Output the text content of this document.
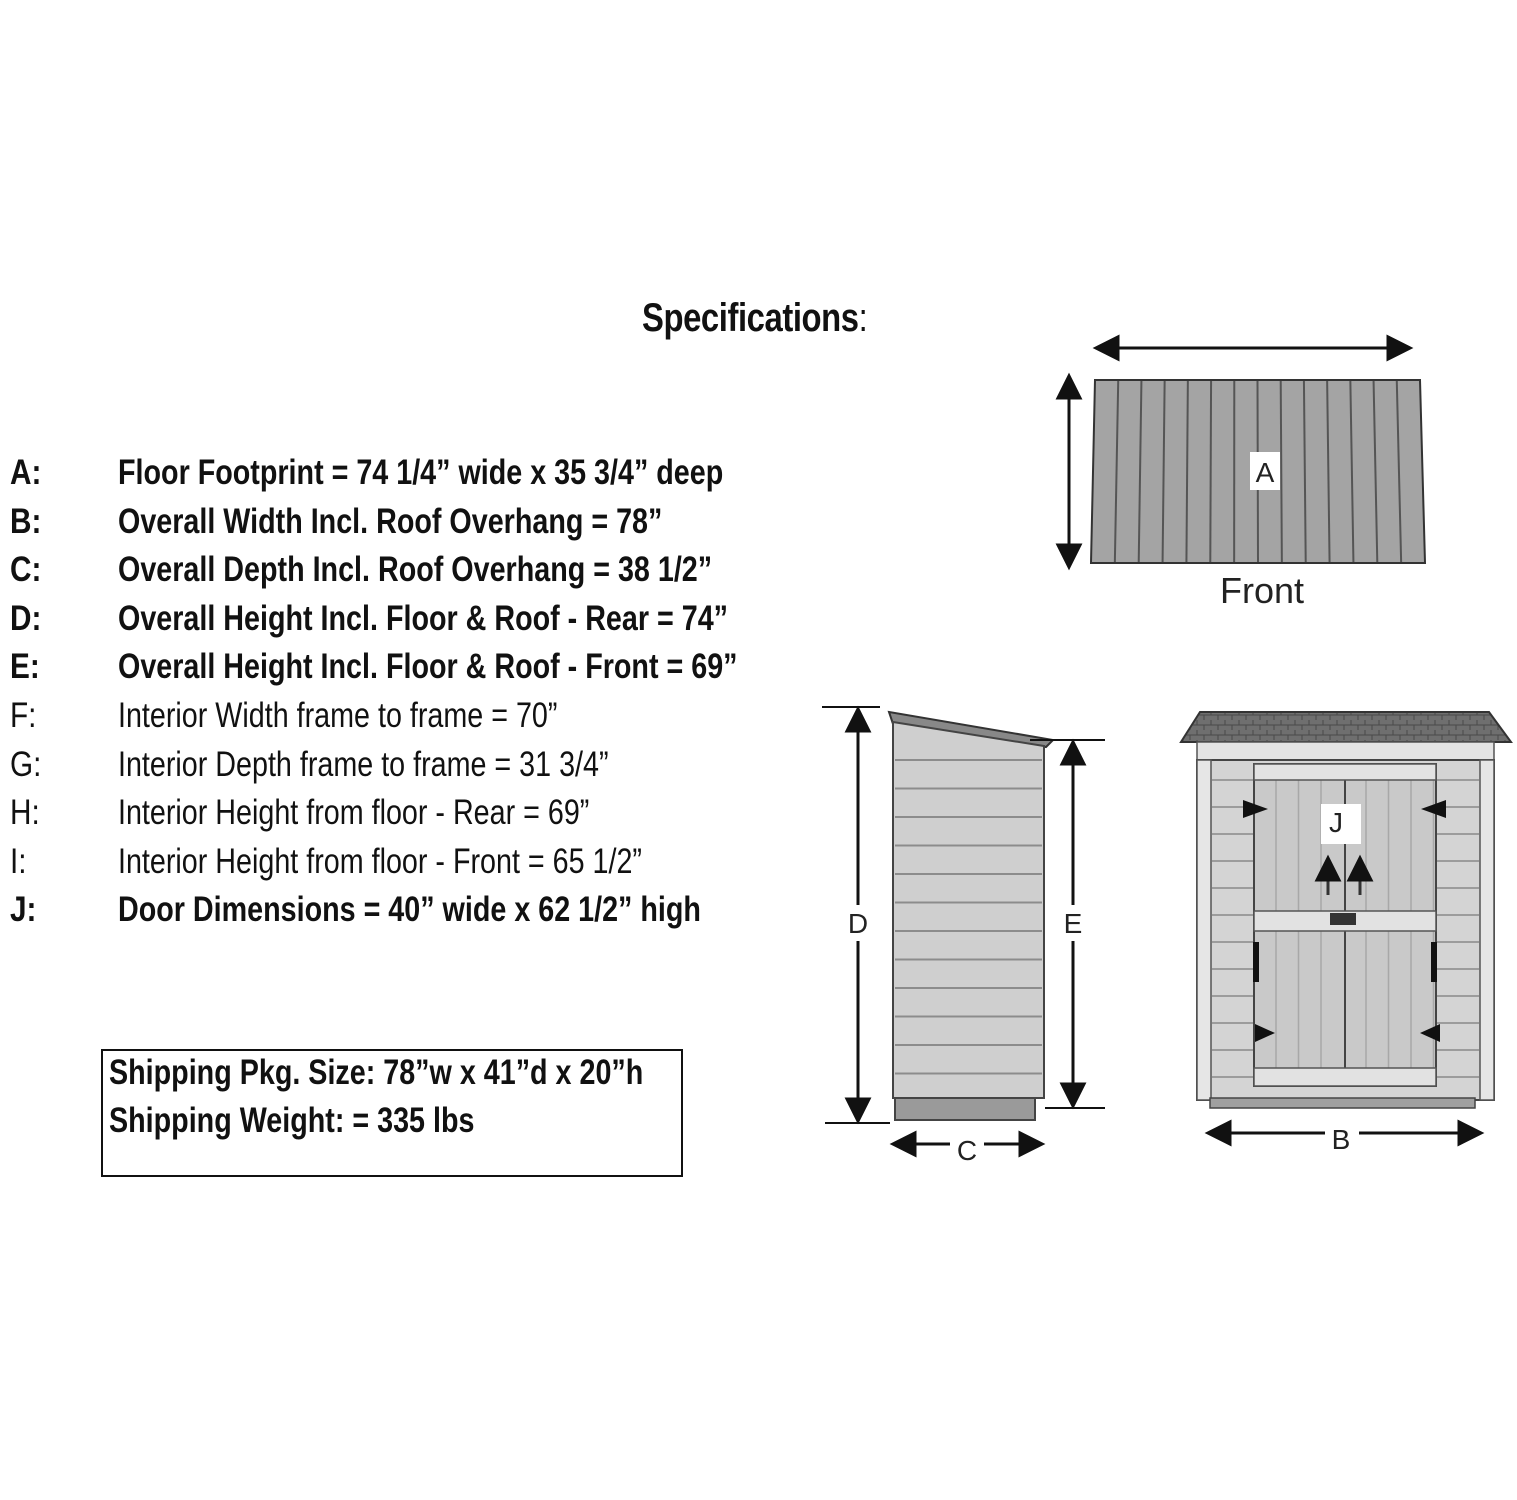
Specifications:
A: Floor Footprint = 74 1/4” wide x 35 3/4” deep
B: Overall Width Incl. Roof Overhang = 78”
C: Overall Depth Incl. Roof Overhang = 38 1/2”
D: Overall Height Incl. Floor & Roof - Rear = 74”
E: Overall Height Incl. Floor & Roof - Front = 69”
F: Interior Width frame to frame = 70”
G: Interior Depth frame to frame = 31 3/4”
H: Interior Height from floor - Rear = 69”
I:	Interior Height from floor - Front = 65 1/2”
J: Door Dimensions = 40” wide x 62 1/2” high
Shipping Pkg. Size: 78”w x 41”d x 20”h
Shipping Weight: = 335 lbs
A
Front
D	E
C
J
B
